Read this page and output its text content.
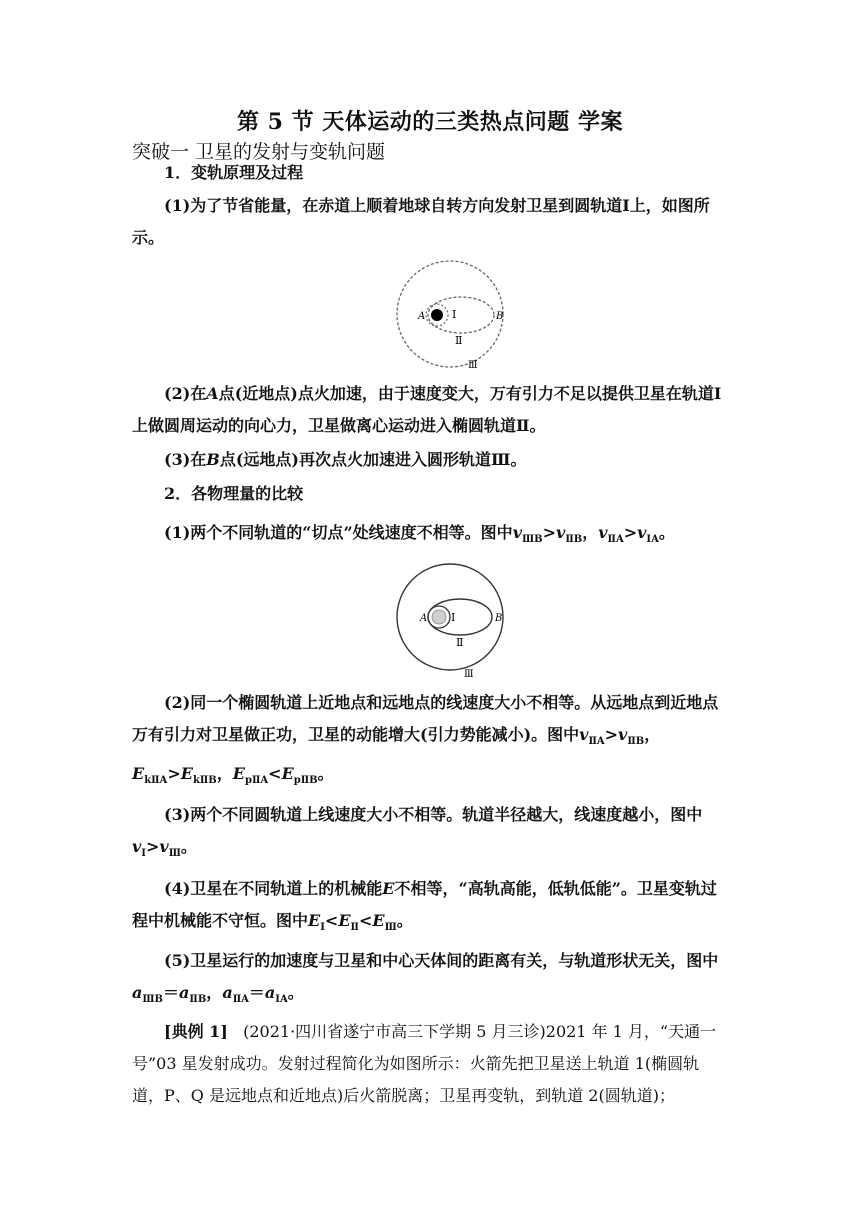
第 5 节 天体运动的三类热点问题 学案
突破一 卫星的发射与变轨问题
1．变轨原理及过程
(1)为了节省能量，在赤道上顺着地球自转方向发射卫星到圆轨道Ⅰ上，如图所示。
A Ⅰ	B
Ⅱ
Ⅲ
(2)在A点(近地点)点火加速，由于速度变大，万有引力不足以提供卫星在轨道Ⅰ上做圆周运动的向心力，卫星做离心运动进入椭圆轨道Ⅱ。
(3)在B点(远地点)再次点火加速进入圆形轨道Ⅲ。
2．各物理量的比较
(1)两个不同轨道的“切点”处线速度不相等。图中$v_{ⅢB}>v_{ⅡB}$，$v_{ⅡA}>v_{ⅠA}$。
A Ⅰ	B
Ⅱ
Ⅲ
(2)同一个椭圆轨道上近地点和远地点的线速度大小不相等。从远地点到近地点万有引力对卫星做正功，卫星的动能增大(引力势能减小)。图中$v_{ⅡA}>v_{ⅡB}$，
$E_{kⅡA}>E_{kⅡB}$，$E_{pⅡA}<E_{pⅡB}$。
(3)两个不同圆轨道上线速度大小不相等。轨道半径越大，线速度越小，图中$v_Ⅰ>v_Ⅲ$。
(4)卫星在不同轨道上的机械能E不相等，“高轨高能，低轨低能”。卫星变轨过程中机械能不守恒。图中$E_Ⅰ<E_Ⅱ<E_Ⅲ$。
(5)卫星运行的加速度与卫星和中心天体间的距离有关，与轨道形状无关，图中$a_{ⅢB}=a_{ⅡB}$，$a_{ⅡA}=a_{ⅠA}$。
[典例 1] (2021·四川省遂宁市高三下学期 5 月三诊)2021 年 1 月，“天通一号”03 星发射成功。发射过程简化为如图所示：火箭先把卫星送上轨道 1(椭圆轨道，P、Q 是远地点和近地点)后火箭脱离；卫星再变轨，到轨道 2(圆轨道)；
